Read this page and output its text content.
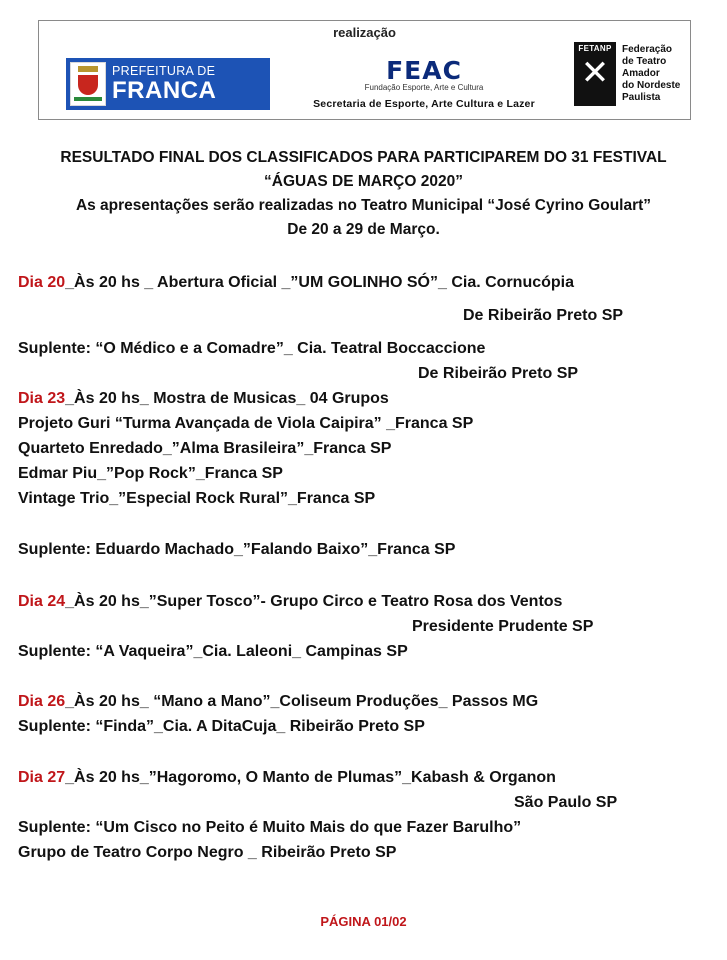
realização
PREFEITURA DE
FRANCA
FEAC
Fundação Esporte, Arte e Cultura
Secretaria de Esporte, Arte Cultura e Lazer
FETANP
✕
Federação
de Teatro
Amador
do Nordeste
Paulista
RESULTADO FINAL DOS CLASSIFICADOS PARA PARTICIPAREM DO 31 FESTIVAL
“ÁGUAS DE MARÇO 2020”
As apresentações serão realizadas no Teatro Municipal “José Cyrino Goulart”
De 20 a 29 de Março.
Dia 20_Às 20 hs _ Abertura Oficial _”UM GOLINHO SÓ”_ Cia. Cornucópia
De Ribeirão Preto SP
Suplente: “O Médico e a Comadre”_ Cia. Teatral Boccaccione
De Ribeirão Preto SP
Dia 23_Às 20 hs_ Mostra de Musicas_ 04 Grupos
Projeto Guri “Turma Avançada de Viola Caipira” _Franca SP
Quarteto Enredado_”Alma Brasileira”_Franca SP
Edmar Piu_”Pop Rock”_Franca SP
Vintage Trio_”Especial Rock Rural”_Franca SP
Suplente: Eduardo Machado_”Falando Baixo”_Franca SP
Dia 24_Às 20 hs_”Super Tosco”- Grupo Circo e Teatro Rosa dos Ventos
Presidente Prudente SP
Suplente: “A Vaqueira”_Cia. Laleoni_ Campinas SP
Dia 26_Às 20 hs_ “Mano a Mano”_Coliseum Produções_ Passos MG
Suplente: “Finda”_Cia. A DitaCuja_ Ribeirão Preto SP
Dia 27_Às 20 hs_”Hagoromo, O Manto de Plumas”_Kabash & Organon
São Paulo SP
Suplente: “Um Cisco no Peito é Muito Mais do que Fazer Barulho”
Grupo de Teatro Corpo Negro _ Ribeirão Preto SP
PÁGINA 01/02
